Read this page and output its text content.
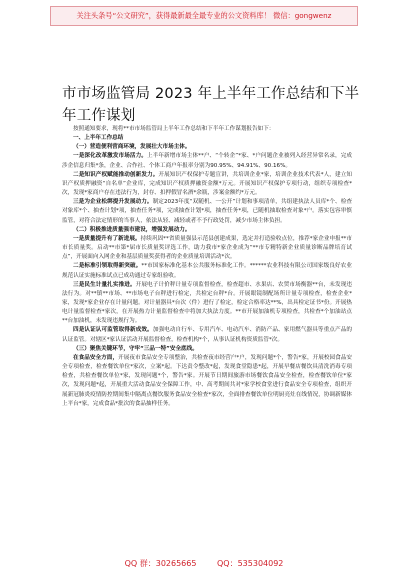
关注头条号“公文研究”，获得最新最全最专业的公文资料库！ 微信：gongwenz
市市场监管局 2023 年上半年工作总结和下半年工作谋划

按照通知要求，现将**市市场监管局上半年工作总结和下半年工作谋划报告如下：

一、上半年工作总结

（一）营造便利营商环境，发展壮大市场主体。

一是深化改革激发市场活力。上半年新增市场主体**户、“个转企”*家、*户问题企业被列入经营异常名录，完成涉企信息归集*条，企业、合作社、个体工商户年报率分别为90.95%、94.91%、90.16%。

二是知识产权赋能推动创新发力。开展知识产权保护专题宣讲，共培训企业*家，培训企业技术代表*人，建立知识产权质押融资“自名单”企业库，完成知识产权质押融资金额*万元。开展知识产权保护专项行动，组织专项检查*次，发现*家商户存在违法行为，封存、扣押假冒名酒*余瓶，涉案金额约*万元。

三是为企业松绑提升发展动力。制定2023年度“双随机、一公开”计划和事项清单，共组建执法人员库*个、检查对象库*个、抽查计划*项，抽查任务*项，完成抽查计划*项，抽查任务*项，已随机抽取检查对象*户。落实包容审慎监管，对符合法定情形的当事人，依法从轻、减轻或者不予行政处罚，减少市场主体负担。

（二）积极推进质量强市建设，增强发展动力。

一是质量提升有了新进展。持续巩固**省质量强县示范县创建成果，选定并打造验收点位，推荐*家企业申报**市市长质量奖。启动**市第*届市长质量奖评选工作，助力我市*家企业成为“**市专精特新企业质量诊断品牌培育试点”，开展面向入网企业和基层质量奖获得者的企业质量培训活动*次。

二是标准引领取得新突破。**市国家标准化基本公共服务标准化工作。******农业科技有限公司国家级良好农业规范认证实施标准试点已成功通过专家组验收。

三是民生计量扎实推进。开展电子计价秤计量专项监督检查，检查超市、水果店、农贸市场衡器**台，未发现违法行为。对**镇**市场、**市场电子台秤进行检定，共检定台秤*台。开展眼镜制配场所计量专项检查，检查企业*家，发现*家企业存在计量问题。对计量器具*台次（件）进行了检定，检定合格率达**%，出具检定证书*份。开展热电计量监督检查*家次，在开展热力计量监督检查中将加大执法力度。**市开展加油机专项检查，共检查*个加油站点**台加油机，未发现违规行为。

四是认证认可监管取得新成效。加强电动自行车、专用汽车、电动汽车、消防产品、家用燃气器具等重点产品的认证监管。对辖区*家认证活动开展监督检查，检查机构*个，从事认证机构资质监管*次。

（三）聚焦关键环节，守牢“三品一特”安全底线。

在食品安全方面，开展夜市食品安全专项整治，共检查夜市经营户*户，发现问题*个，警告*家，开展校园食品安全专项检查，检查餐饮单位*家次，立案*起。下达责令整改*起，发现食堂隐患*起，开展早餐店餐饮具清洗消毒专项检查，共检查餐饮单位*家，发现问题*个，警告*家。开展节日期间旅游市场餐饮食品安全检查，检查餐饮单位*家次，发现问题*起，开展重大活动食品安全保障工作，中、高考期间共对*家学校食堂进行食品安全专项检查，组织开展新冠肺炎疫情防控期间集中隔离点餐饮服务食品安全检查*家次，全面排查餐饮单位明厨亮灶在线情况，协调新媒体上平台*家，完成食品*批次的食品抽样任务。

QQ 群：30265665	QQ：535304092
